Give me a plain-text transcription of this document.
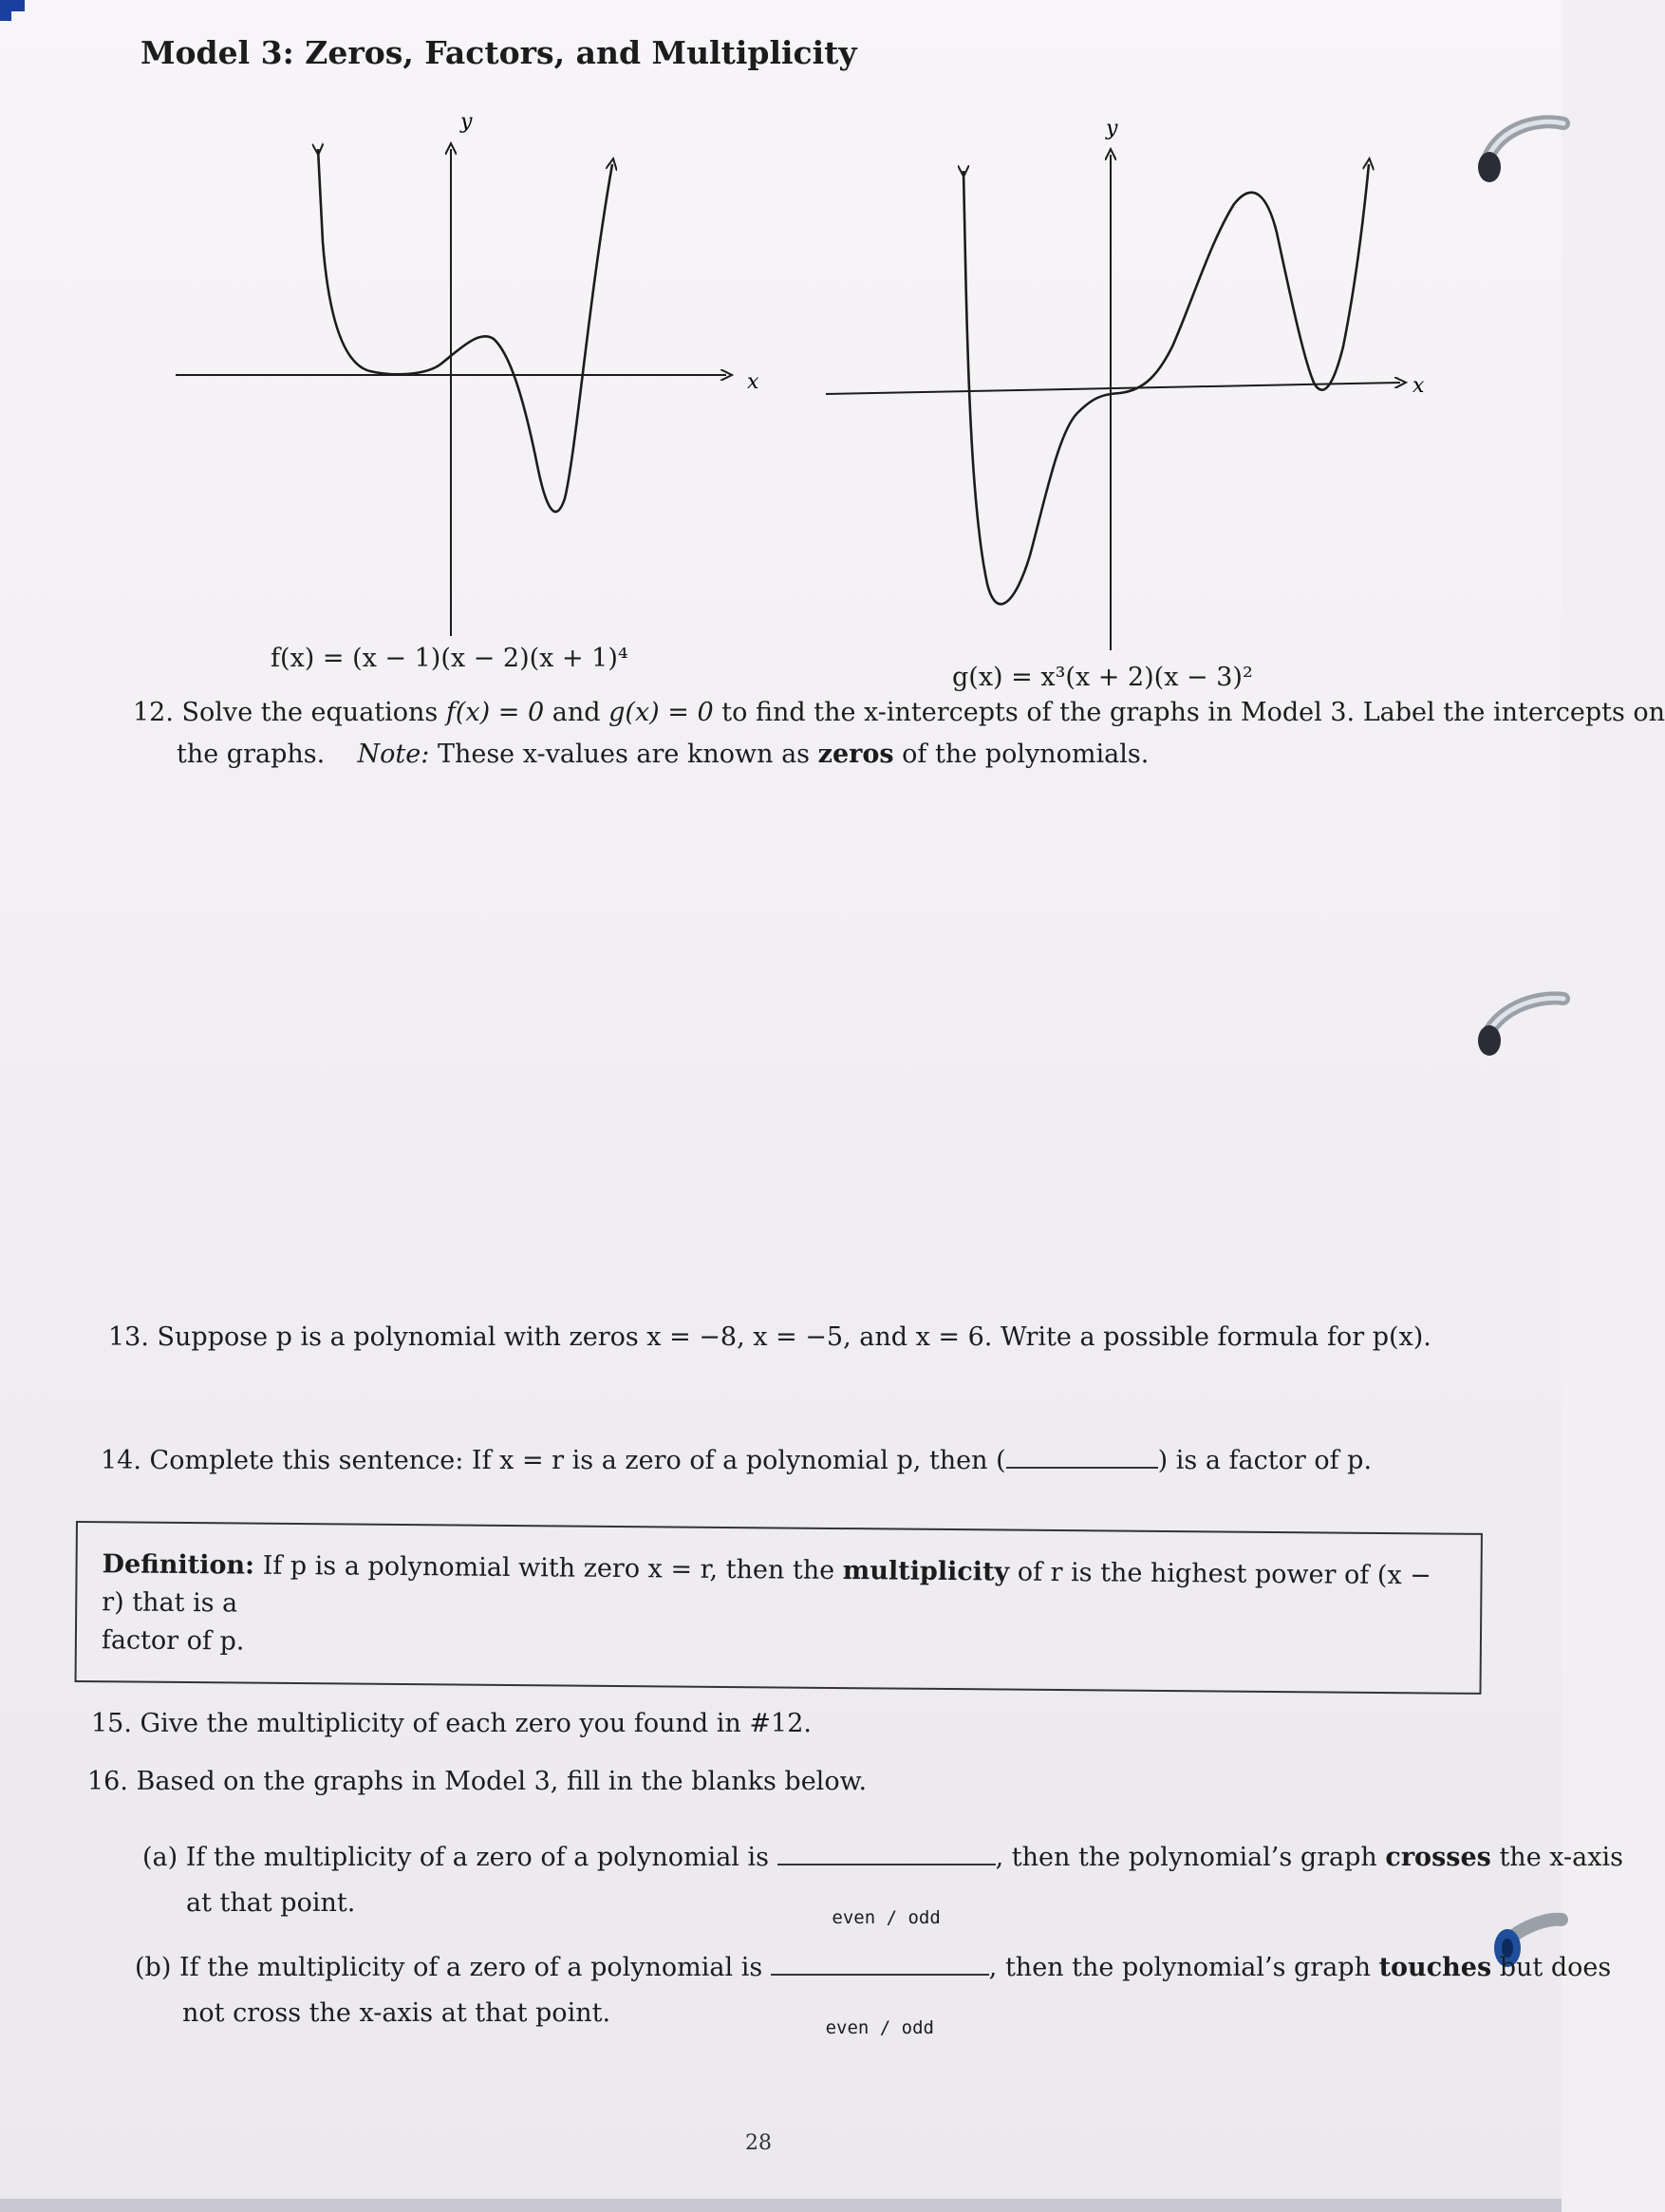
Model 3: Zeros, Factors, and Multiplicity
y
x
y
x
f(x) = (x − 1)(x − 2)(x + 1)⁴
g(x) = x³(x + 2)(x − 3)²
12. Solve the equations f(x) = 0 and g(x) = 0 to find the x-intercepts of the graphs in Model 3. Label the intercepts on
the graphs. Note: These x-values are known as zeros of the polynomials.
13. Suppose p is a polynomial with zeros x = −8, x = −5, and x = 6. Write a possible formula for p(x).
14. Complete this sentence: If x = r is a zero of a polynomial p, then (	) is a factor of p.
Definition: If p is a polynomial with zero x = r, then the multiplicity of r is the highest power of (x − r) that is a
factor of p.
15. Give the multiplicity of each zero you found in #12.
16. Based on the graphs in Model 3, fill in the blanks below.
(a) If the multiplicity of a zero of a polynomial is
even / odd
, then the polynomial’s graph crosses the x-axis
at that point.
(b) If the multiplicity of a zero of a polynomial is
even / odd
, then the polynomial’s graph touches but does
not cross the x-axis at that point.
28
